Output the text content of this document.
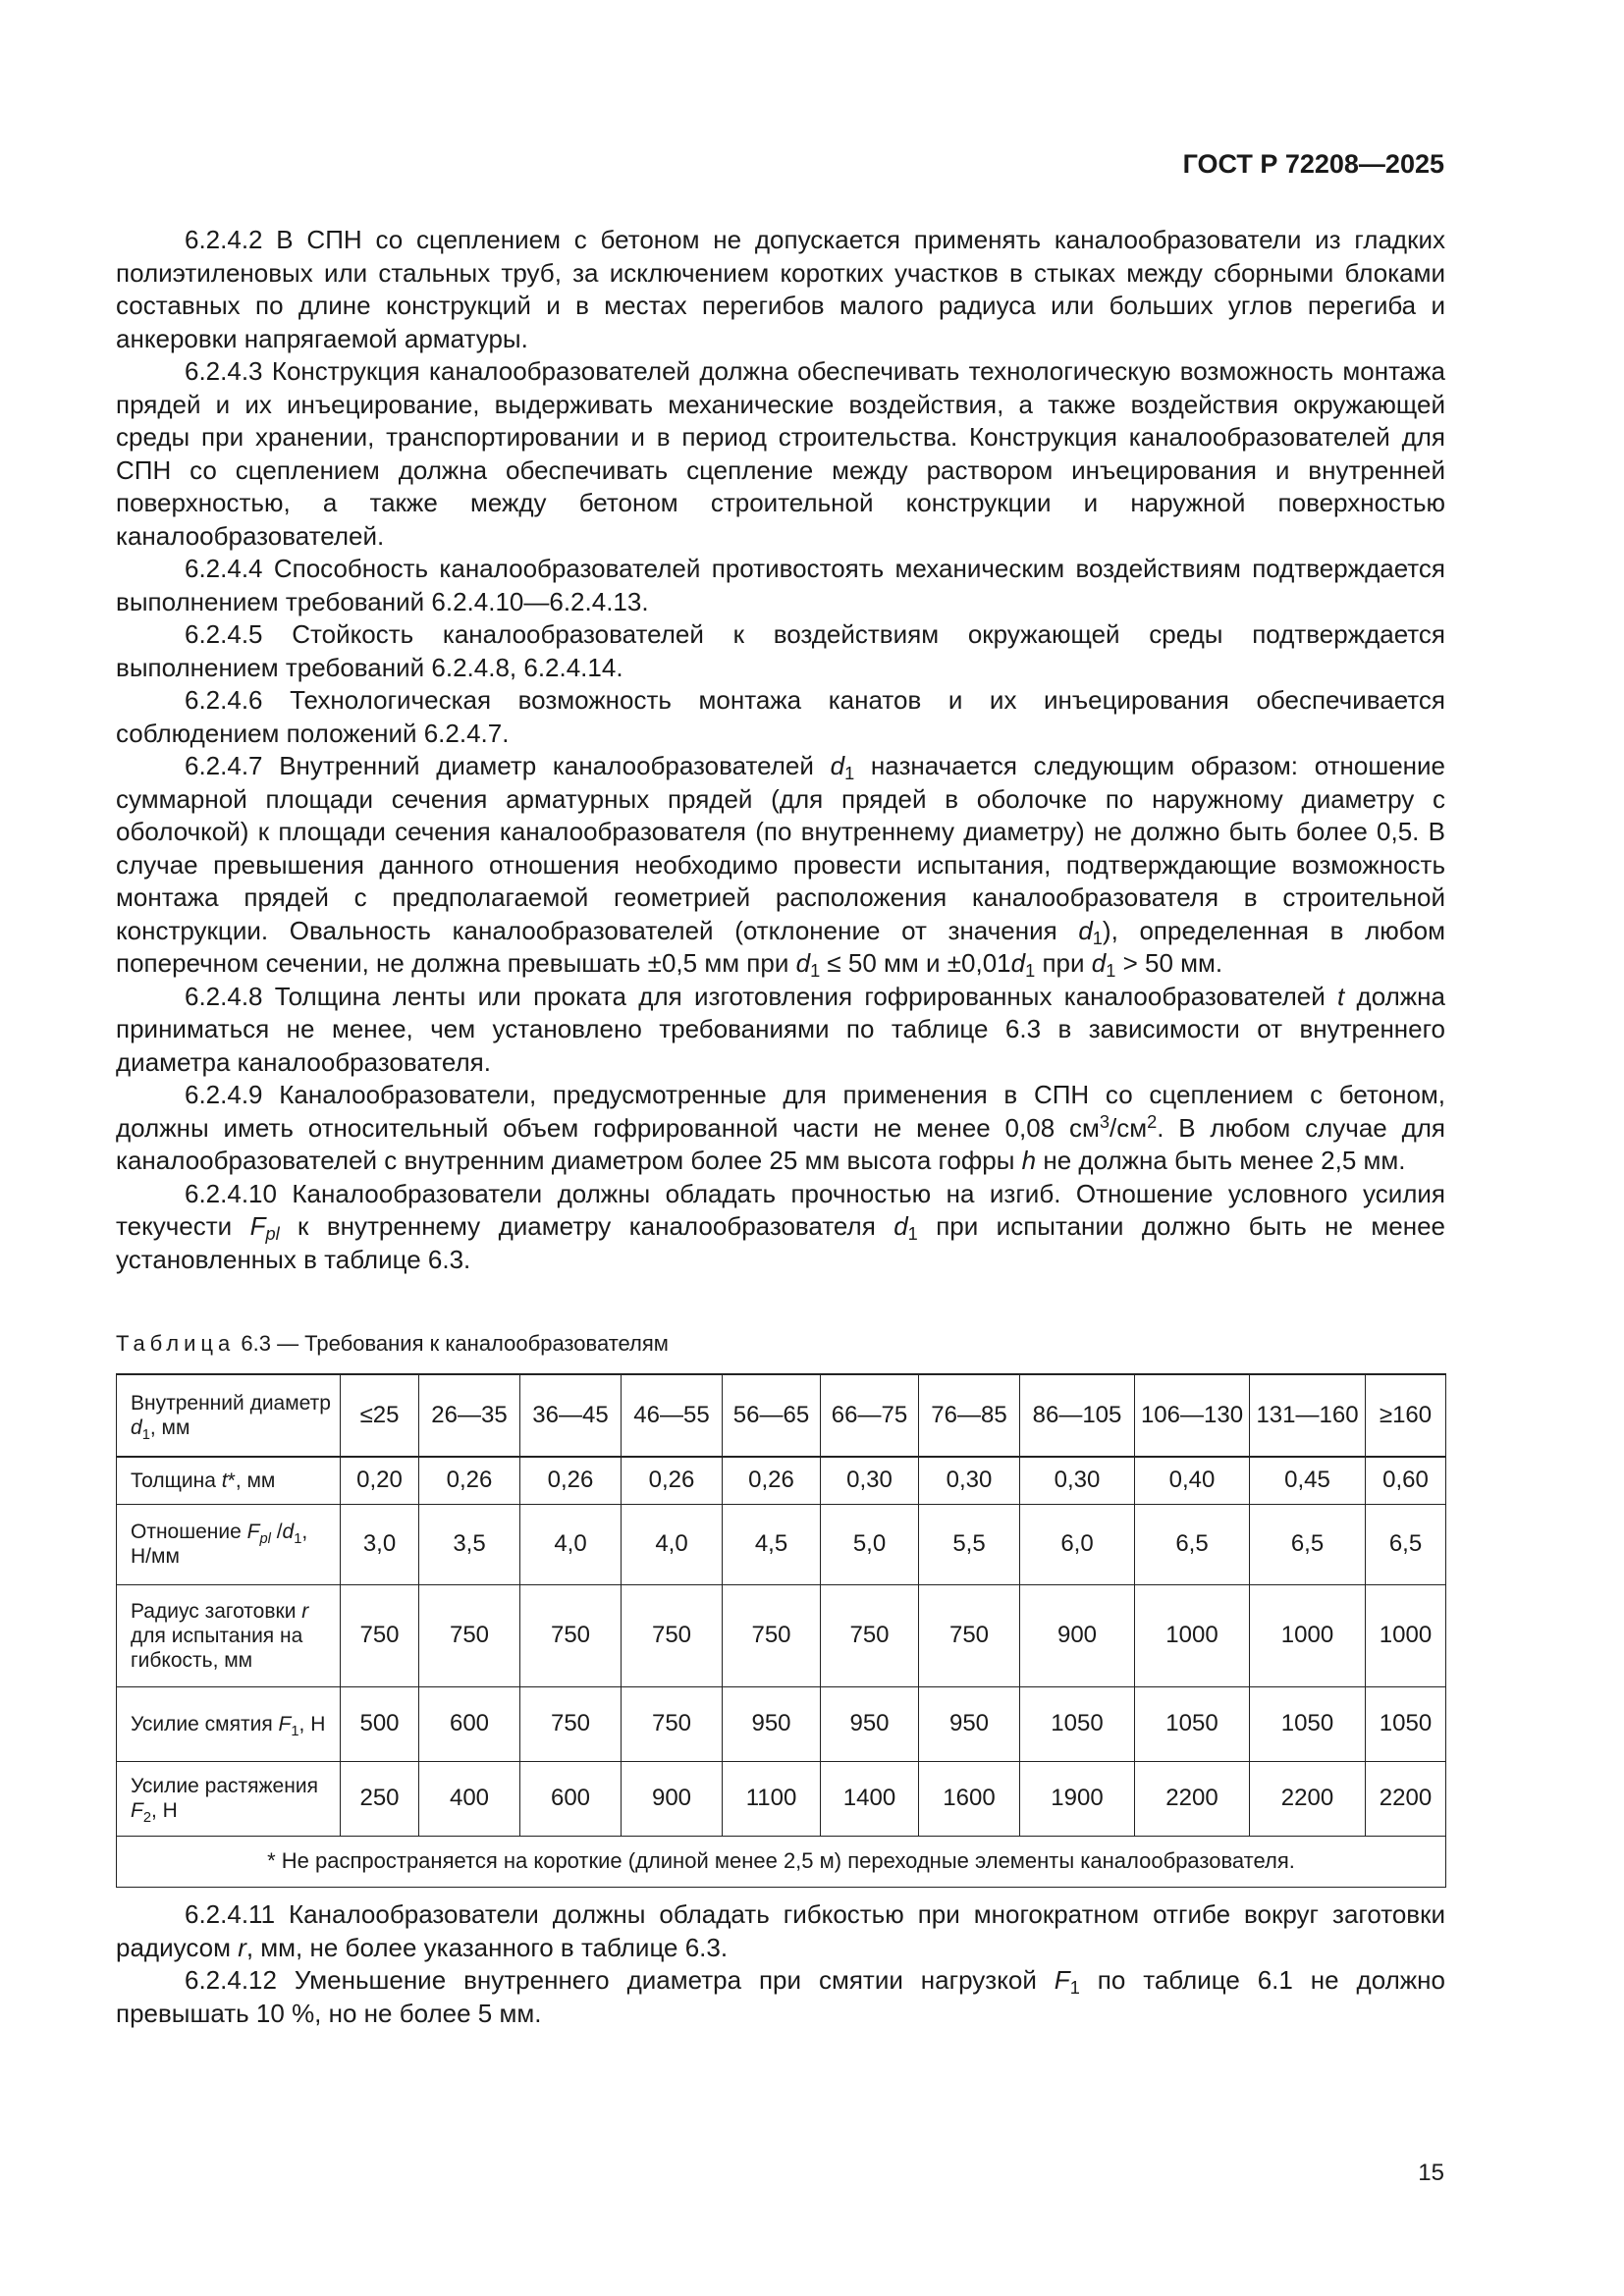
ГОСТ Р 72208—2025

6.2.4.2 В СПН со сцеплением с бетоном не допускается применять каналообразователи из гладких полиэтиленовых или стальных труб, за исключением коротких участков в стыках между сборными блоками составных по длине конструкций и в местах перегибов малого радиуса или больших углов перегиба и анкеровки напрягаемой арматуры.

6.2.4.3 Конструкция каналообразователей должна обеспечивать технологическую возможность монтажа прядей и их инъецирование, выдерживать механические воздействия, а также воздействия окружающей среды при хранении, транспортировании и в период строительства. Конструкция каналообразователей для СПН со сцеплением должна обеспечивать сцепление между раствором инъецирования и внутренней поверхностью, а также между бетоном строительной конструкции и наружной поверхностью каналообразователей.

6.2.4.4 Способность каналообразователей противостоять механическим воздействиям подтверждается выполнением требований 6.2.4.10—6.2.4.13.

6.2.4.5 Стойкость каналообразователей к воздействиям окружающей среды подтверждается выполнением требований 6.2.4.8, 6.2.4.14.

6.2.4.6 Технологическая возможность монтажа канатов и их инъецирования обеспечивается соблюдением положений 6.2.4.7.

6.2.4.7 Внутренний диаметр каналообразователей $d_1$ назначается следующим образом: отношение суммарной площади сечения арматурных прядей (для прядей в оболочке по наружному диаметру с оболочкой) к площади сечения каналообразователя (по внутреннему диаметру) не должно быть более 0,5. В случае превышения данного отношения необходимо провести испытания, подтверждающие возможность монтажа прядей с предполагаемой геометрией расположения каналообразователя в строительной конструкции. Овальность каналообразователей (отклонение от значения $d_1$), определенная в любом поперечном сечении, не должна превышать ±0,5 мм при $d_1 \le 50$ мм $и \pm 0,01d_1$ при $d_1 > 50$ мм.

6.2.4.8 Толщина ленты или проката для изготовления гофрированных каналообразователей t должна приниматься не менее, чем установлено требованиями по таблице 6.3 в зависимости от внутреннего диаметра каналообразователя.

6.2.4.9 Каналообразователи, предусмотренные для применения в СПН со сцеплением с бетоном, должны иметь относительный объем гофрированной части не менее 0,08 $см^3/см^2$. В любом случае для каналообразователей с внутренним диаметром более 25 мм высота гофры h не должна быть менее 2,5 мм.

6.2.4.10 Каналообразователи должны обладать прочностью на изгиб. Отношение условного усилия текучести $F_{pl}$ к внутреннему диаметру каналообразователя $d_1$ при испытании должно быть не менее установленных в таблице 6.3.

Таблица 6.3 — Требования к каналообразователям
Внутренний диаметр $d_1$, мм	≤25	26—35	36—45	46—55	56—65	66—75	76—85	86—105	106—130	131—160	≥160
Толщина t*, мм	0,20	0,26	0,26	0,26	0,26	0,30	0,30	0,30	0,40	0,45	0,60
Отношение $F_{pl}$ $/d_1$, Н/мм	3,0	3,5	4,0	4,0	4,5	5,0	5,5	6,0	6,5	6,5	6,5
Радиус заготовки r для испытания на гибкость, мм	750	750	750	750	750	750	750	900	1000	1000	1000
Усилие смятия $F_1$, Н	500	600	750	750	950	950	950	1050	1050	1050	1050
Усилие растяжения $F_2$, Н	250	400	600	900	1100	1400	1600	1900	2200	2200	2200
* Не распространяется на короткие (длиной менее 2,5 м) переходные элементы каналообразователя.											

6.2.4.11 Каналообразователи должны обладать гибкостью при многократном отгибе вокруг заготовки радиусом r, мм, не более указанного в таблице 6.3.

6.2.4.12 Уменьшение внутреннего диаметра при смятии нагрузкой $F_1$ по таблице 6.1 не должно превышать 10 %, но не более 5 мм.

15
